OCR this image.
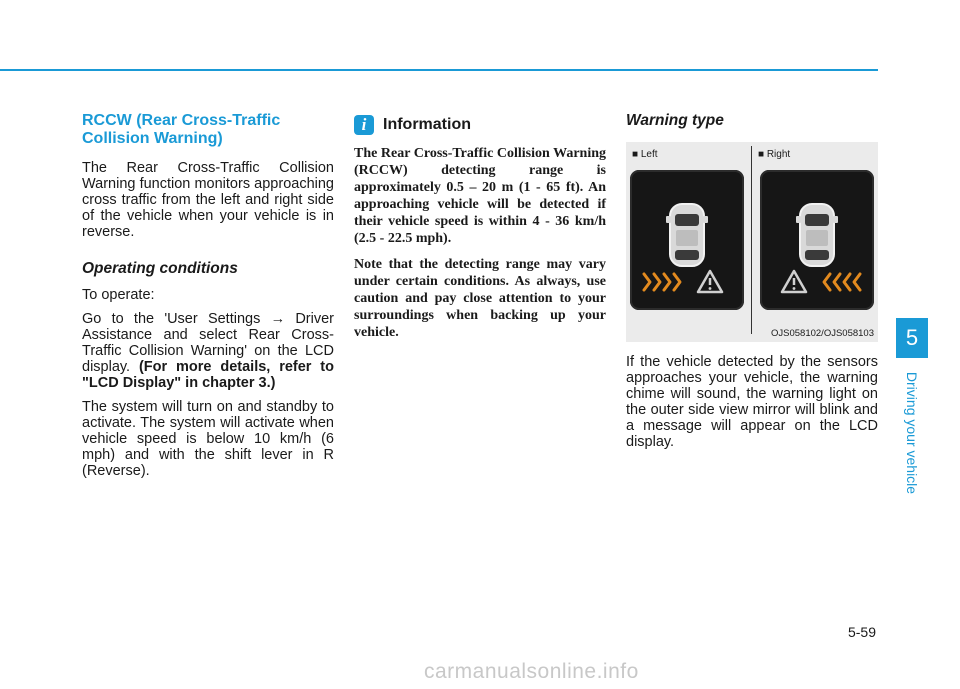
RCCW (Rear Cross-Traffic Collision Warning)

The Rear Cross-Traffic Collision Warning function monitors approaching cross traffic from the left and right side of the vehicle when your vehicle is in reverse.

Operating conditions

To operate:

Go to the 'User Settings → Driver Assistance and select Rear Cross-Traffic Collision Warning' on the LCD display. (For more details, refer to "LCD Display" in chapter 3.)

The system will turn on and standby to activate. The system will activate when vehicle speed is below 10 km/h (6 mph) and with the shift lever in R (Reverse).

i	Information

The Rear Cross-Traffic Collision Warning (RCCW) detecting range is approximately 0.5 – 20 m (1 - 65 ft). An approaching vehicle will be detected if their vehicle speed is within 4 - 36 km/h (2.5 - 22.5 mph).

Note that the detecting range may vary under certain conditions. As always, use caution and pay close attention to your surroundings when backing up your vehicle.

Warning type
■ Left	■ Right
OJS058102/OJS058103

If the vehicle detected by the sensors approaches your vehicle, the warning chime will sound, the warning light on the outer side view mirror will blink and a message will appear on the LCD display.

5
Driving your vehicle
5-59
carmanualsonline.info
